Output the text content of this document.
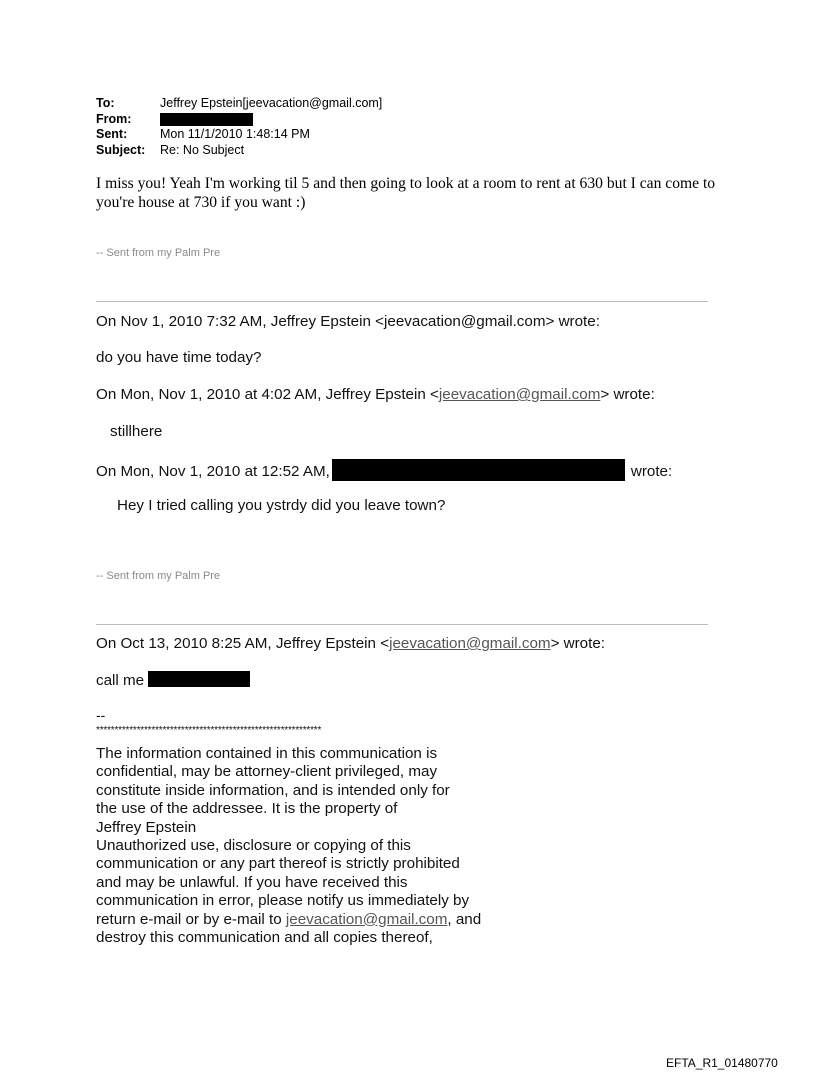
To:	Jeffrey Epstein[jeevacation@gmail.com]
From:
Sent:	Mon 11/1/2010 1:48:14 PM
Subject:	Re: No Subject
I miss you! Yeah I'm working til 5 and then going to look at a room to rent at 630 but I can come to you're house at 730 if you want :)
-- Sent from my Palm Pre
On Nov 1, 2010 7:32 AM, Jeffrey Epstein <jeevacation@gmail.com> wrote:
do you have time today?
On Mon, Nov 1, 2010 at 4:02 AM, Jeffrey Epstein <jeevacation@gmail.com> wrote:
stillhere
On Mon, Nov 1, 2010 at 12:52 AM,	wrote:
Hey I tried calling you ystrdy did you leave town?
-- Sent from my Palm Pre
On Oct 13, 2010 8:25 AM, Jeffrey Epstein <jeevacation@gmail.com> wrote:
call me
--
*************************************************************
The information contained in this communication is
confidential, may be attorney-client privileged, may
constitute inside information, and is intended only for
the use of the addressee. It is the property of
Jeffrey Epstein
Unauthorized use, disclosure or copying of this
communication or any part thereof is strictly prohibited
and may be unlawful. If you have received this
communication in error, please notify us immediately by
return e-mail or by e-mail to jeevacation@gmail.com, and
destroy this communication and all copies thereof,
EFTA_R1_01480770
